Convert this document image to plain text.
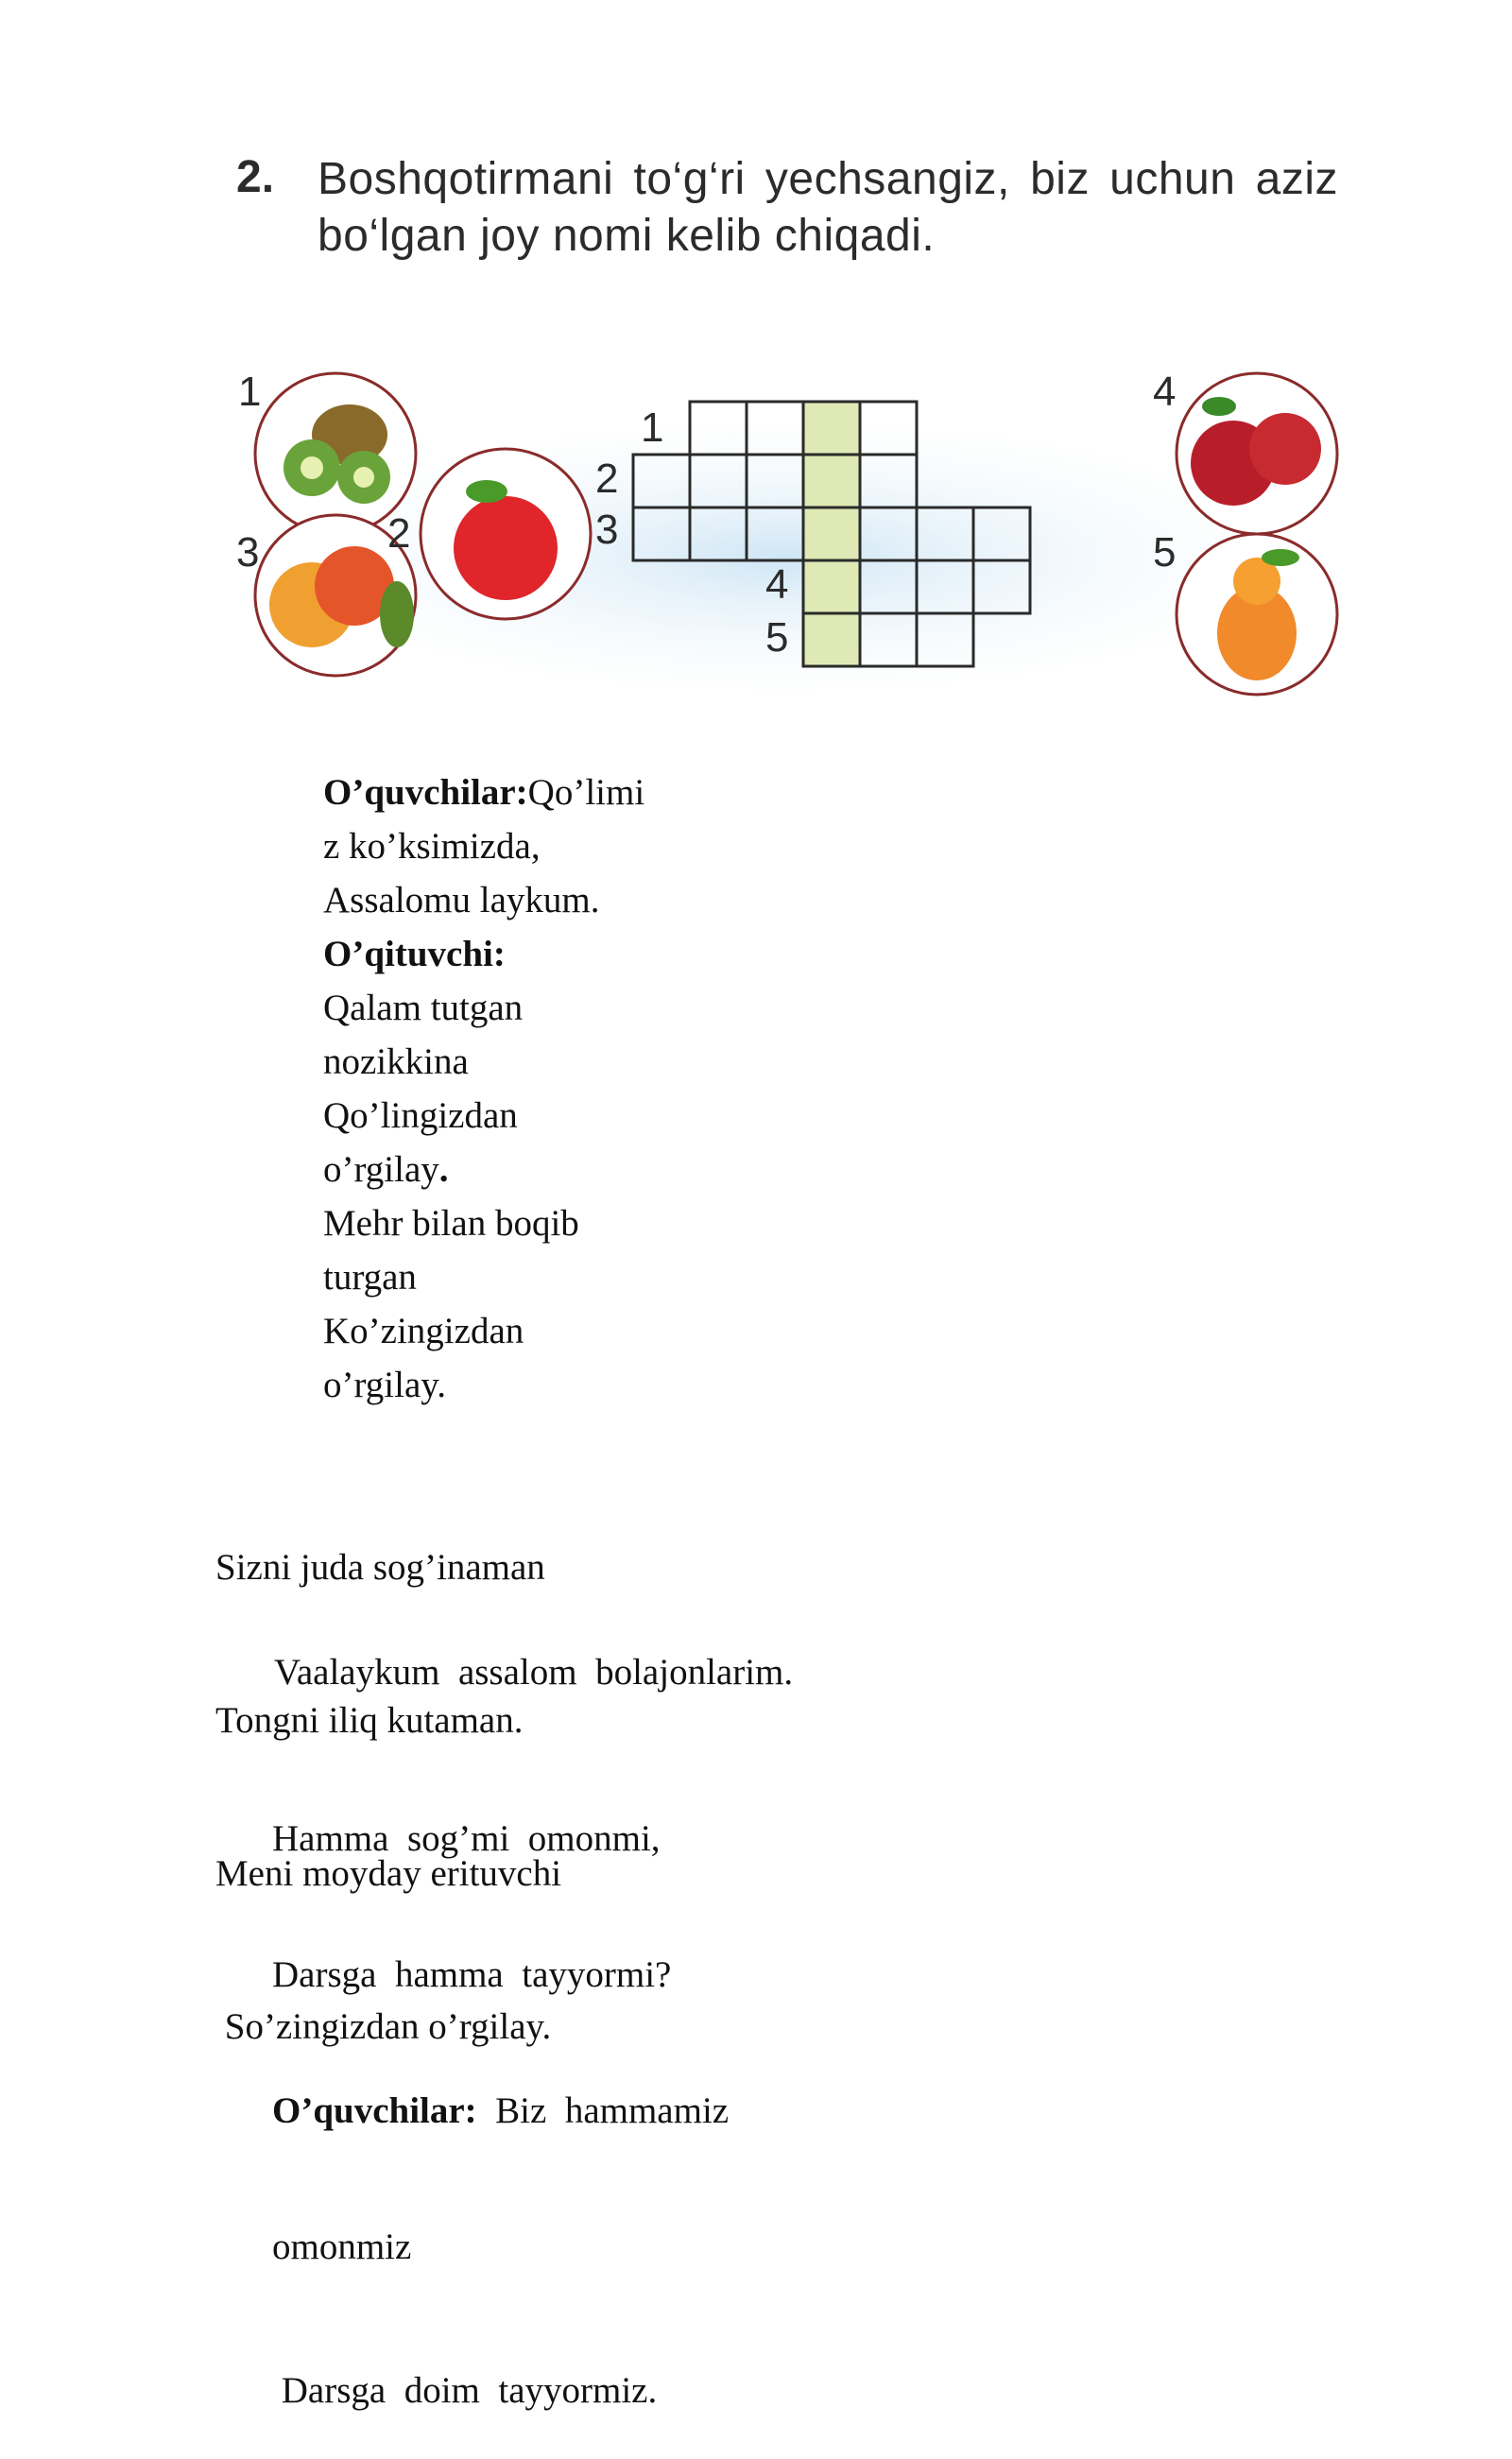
2. Boshqotirmani to‘g‘ri yechsangiz, biz uchun aziz bo‘lgan joy nomi kelib chiqadi.
1
2
3
4
5
1
2
3
4
5
O’quvchilar:Qo’limi
z ko’ksimizda,
Assalomu laykum.
O’qituvchi:
Qalam tutgan
nozikkina
Qo’lingizdan
o’rgilay.
Mehr bilan boqib
turgan
Ko’zingizdan
o’rgilay.

Sizni juda sog’inaman

Tongni iliq kutaman.

Meni moyday erituvchi

So’zingizdan o’rgilay.

Vaalaykum  assalom  bolajonlarim.

Hamma  sog’mi  omonmi,

Darsga  hamma  tayyormi?

O’quvchilar:  Biz  hammamiz

omonmiz

Darsga  doim  tayyormiz.
